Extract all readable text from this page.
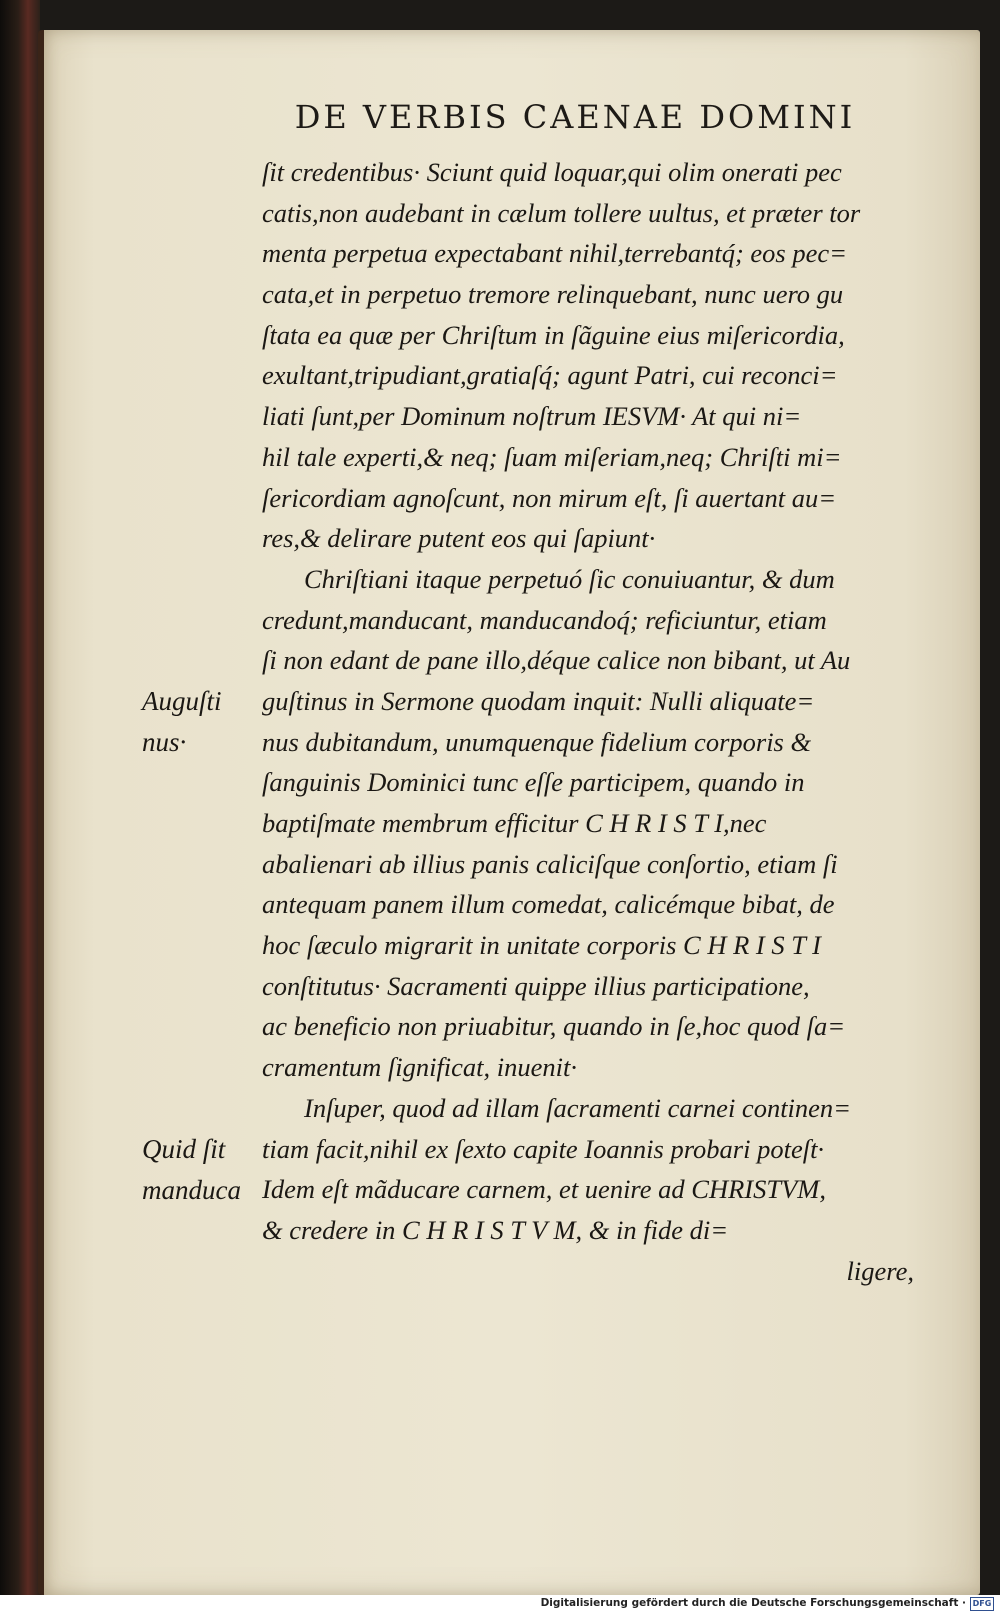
DE VERBIS CAENAE DOMINI
ſit credentibus· Sciunt quid loquar,qui olim onerati pec
catis,non audebant in cælum tollere uultus, et præter tor
menta perpetua expectabant nihil,terrebantq́; eos pec=
cata,et in perpetuo tremore relinquebant, nunc uero gu
ſtata ea quæ per Chriſtum in ſãguine eius miſericordia,
exultant,tripudiant,gratiaſq́; agunt Patri, cui reconci=
liati ſunt,per Dominum noſtrum IESVM· At qui ni=
hil tale experti,& neq; ſuam miſeriam,neq; Chriſti mi=
ſericordiam agnoſcunt, non mirum eſt, ſi auertant au=
res,& delirare putent eos qui ſapiunt·
Chriſtiani itaque perpetuó ſic conuiuantur, & dum
credunt,manducant, manducandoq́; reficiuntur, etiam
ſi non edant de pane illo,déque calice non bibant, ut Au
guſtinus in Sermone quodam inquit: Nulli aliquate=
nus dubitandum, unumquenque fidelium corporis &
ſanguinis Dominici tunc eſſe participem, quando in
baptiſmate membrum efficitur C H R I S T I,nec
abalienari ab illius panis caliciſque conſortio, etiam ſi
antequam panem illum comedat, calicémque bibat, de
hoc ſæculo migrarit in unitate corporis C H R I S T I
conſtitutus· Sacramenti quippe illius participatione,
ac beneficio non priuabitur, quando in ſe,hoc quod ſa=
cramentum ſignificat, inuenit·
Inſuper, quod ad illam ſacramenti carnei continen=
tiam facit,nihil ex ſexto capite Ioannis probari poteſt·
Idem eſt mãducare carnem, et uenire ad CHRISTVM,
& credere in C H R I S T V M, & in fide di=
ligere,
Auguſti
nus·
Quid ſit
manduca
Digitalisierung gefördert durch die Deutsche Forschungsgemeinschaft · DFG
